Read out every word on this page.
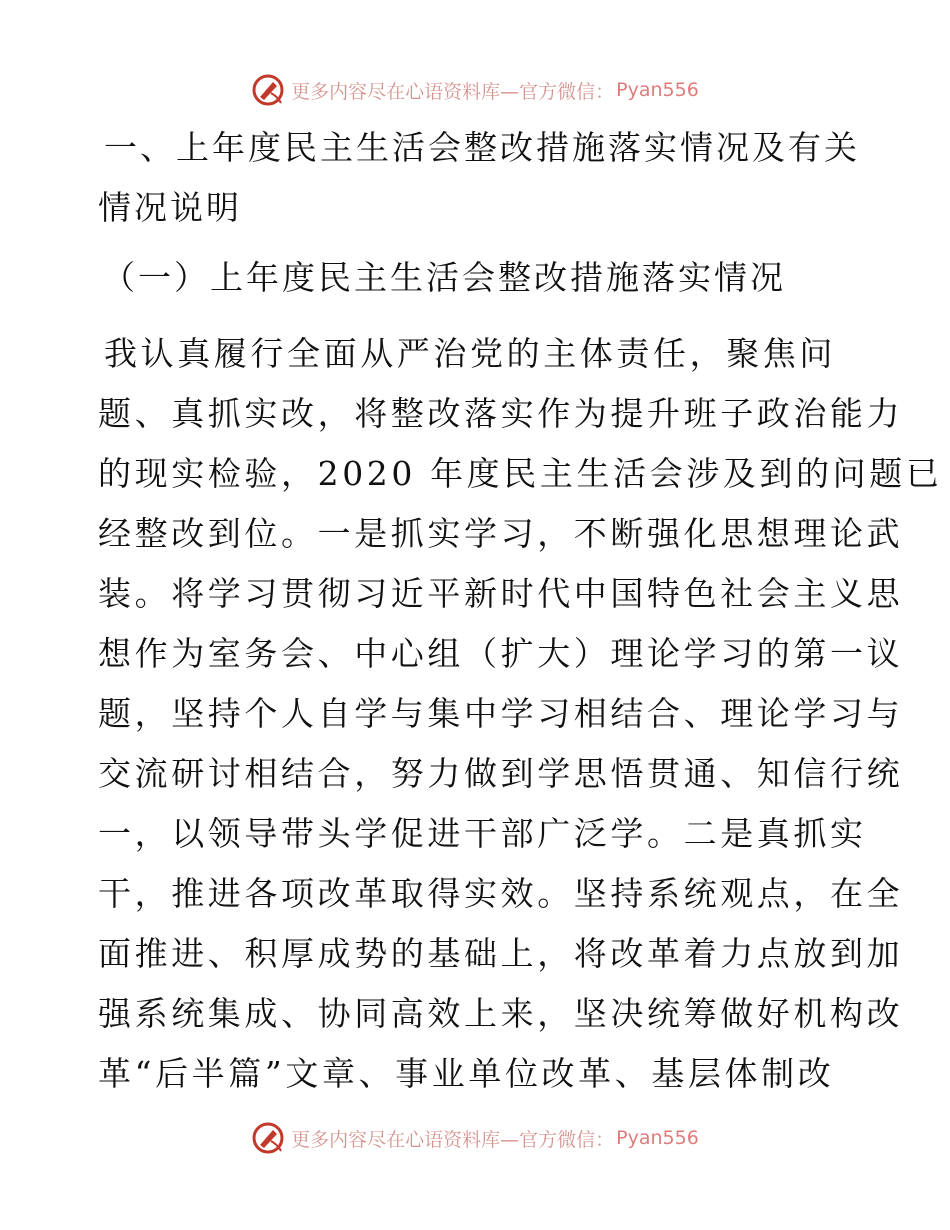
更多内容尽在心语资料库—官方微信： Pyan556
一、上年度民主生活会整改措施落实情况及有关
情况说明
（一）上年度民主生活会整改措施落实情况
我认真履行全面从严治党的主体责任，聚焦问
题、真抓实改，将整改落实作为提升班子政治能力
的现实检验，2020 年度民主生活会涉及到的问题已
经整改到位。一是抓实学习，不断强化思想理论武
装。将学习贯彻习近平新时代中国特色社会主义思
想作为室务会、中心组（扩大）理论学习的第一议
题，坚持个人自学与集中学习相结合、理论学习与
交流研讨相结合，努力做到学思悟贯通、知信行统
一，以领导带头学促进干部广泛学。二是真抓实
干，推进各项改革取得实效。坚持系统观点，在全
面推进、积厚成势的基础上，将改革着力点放到加
强系统集成、协同高效上来，坚决统筹做好机构改
革“后半篇”文章、事业单位改革、基层体制改
更多内容尽在心语资料库—官方微信： Pyan556
